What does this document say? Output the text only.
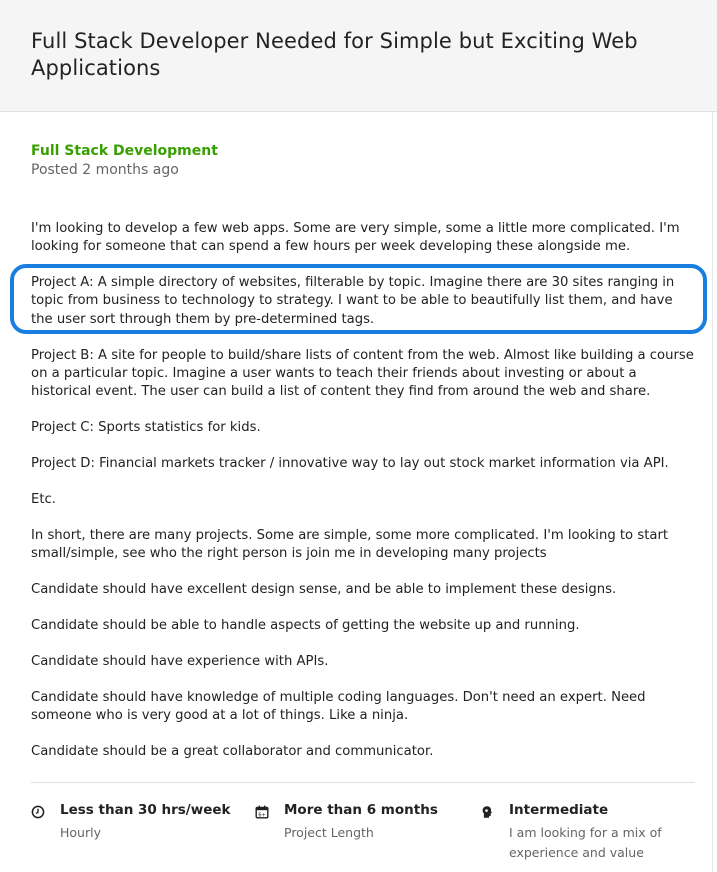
Full Stack Developer Needed for Simple but Exciting Web Applications
Full Stack Development
Posted 2 months ago

I'm looking to develop a few web apps. Some are very simple, some a little more complicated. I'm looking for someone that can spend a few hours per week developing these alongside me.

Project A: A simple directory of websites, filterable by topic. Imagine there are 30 sites ranging in topic from business to technology to strategy. I want to be able to beautifully list them, and have the user sort through them by pre-determined tags.

Project B: A site for people to build/share lists of content from the web. Almost like building a course on a particular topic. Imagine a user wants to teach their friends about investing or about a historical event. The user can build a list of content they find from around the web and share.

Project C: Sports statistics for kids.

Project D: Financial markets tracker / innovative way to lay out stock market information via API.

Etc.

In short, there are many projects. Some are simple, some more complicated. I'm looking to start small/simple, see who the right person is join me in developing many projects

Candidate should have excellent design sense, and be able to implement these designs.

Candidate should be able to handle aspects of getting the website up and running.

Candidate should have experience with APIs.

Candidate should have knowledge of multiple coding languages. Don't need an expert. Need someone who is very good at a lot of things. Like a ninja.

Candidate should be a great collaborator and communicator.

Less than 30 hrs/week
Hourly
6+ More than 6 months
Project Length
Intermediate
I am looking for a mix of experience and value
